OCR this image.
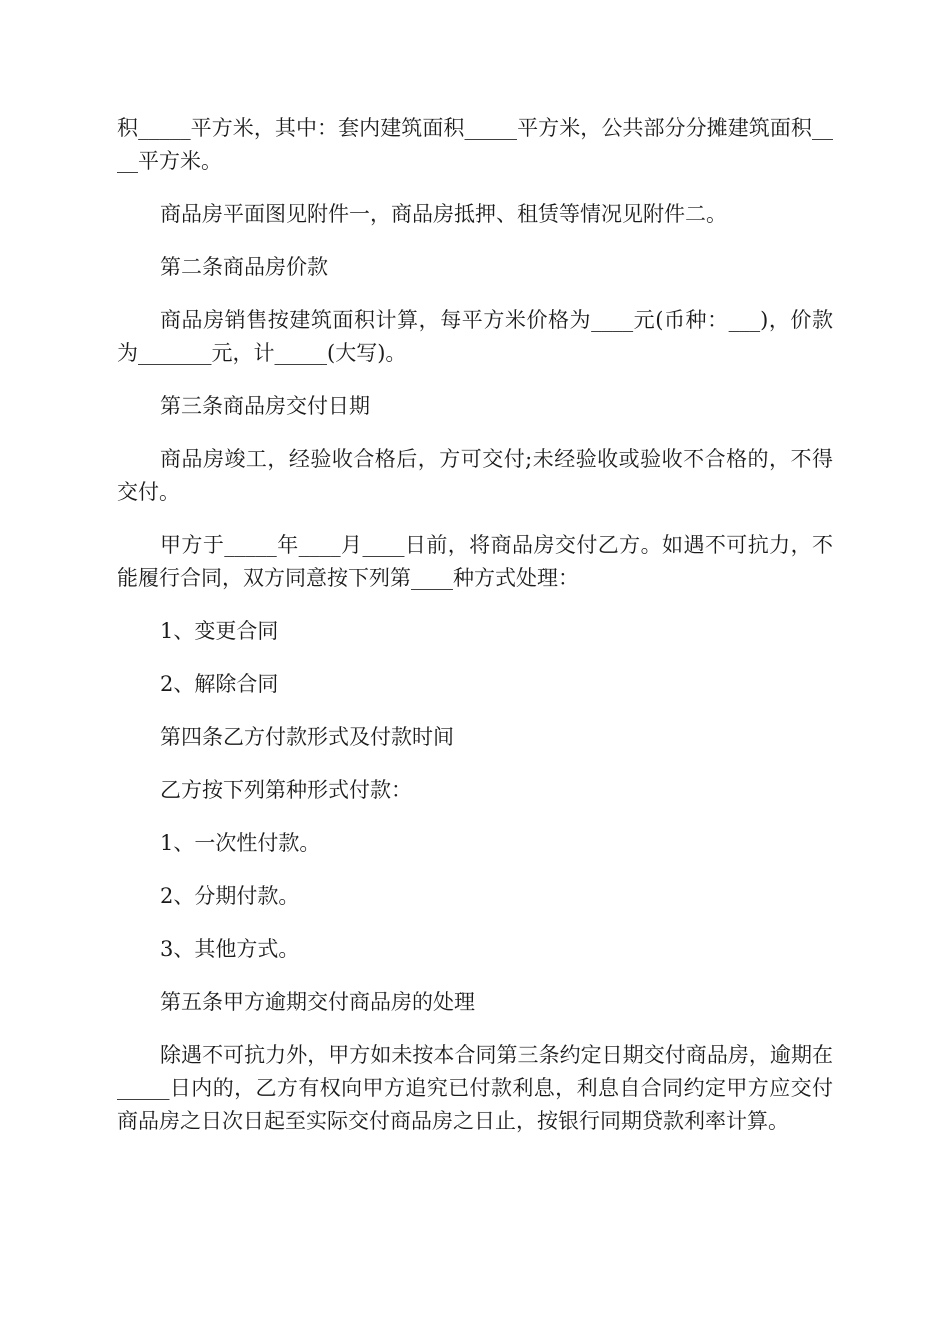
积_____平方米，其中：套内建筑面积_____平方米，公共部分分摊建筑面积____平方米。

商品房平面图见附件一，商品房抵押、租赁等情况见附件二。

第二条商品房价款

商品房销售按建筑面积计算，每平方米价格为____元(币种：___)，价款为_______元，计_____(大写)。

第三条商品房交付日期

商品房竣工，经验收合格后，方可交付;未经验收或验收不合格的，不得交付。

甲方于_____年____月____日前，将商品房交付乙方。如遇不可抗力，不能履行合同，双方同意按下列第____种方式处理：

1、变更合同

2、解除合同

第四条乙方付款形式及付款时间

乙方按下列第种形式付款：

1、一次性付款。

2、分期付款。

3、其他方式。

第五条甲方逾期交付商品房的处理

除遇不可抗力外，甲方如未按本合同第三条约定日期交付商品房，逾期在_____日内的，乙方有权向甲方追究已付款利息，利息自合同约定甲方应交付商品房之日次日起至实际交付商品房之日止，按银行同期贷款利率计算。
